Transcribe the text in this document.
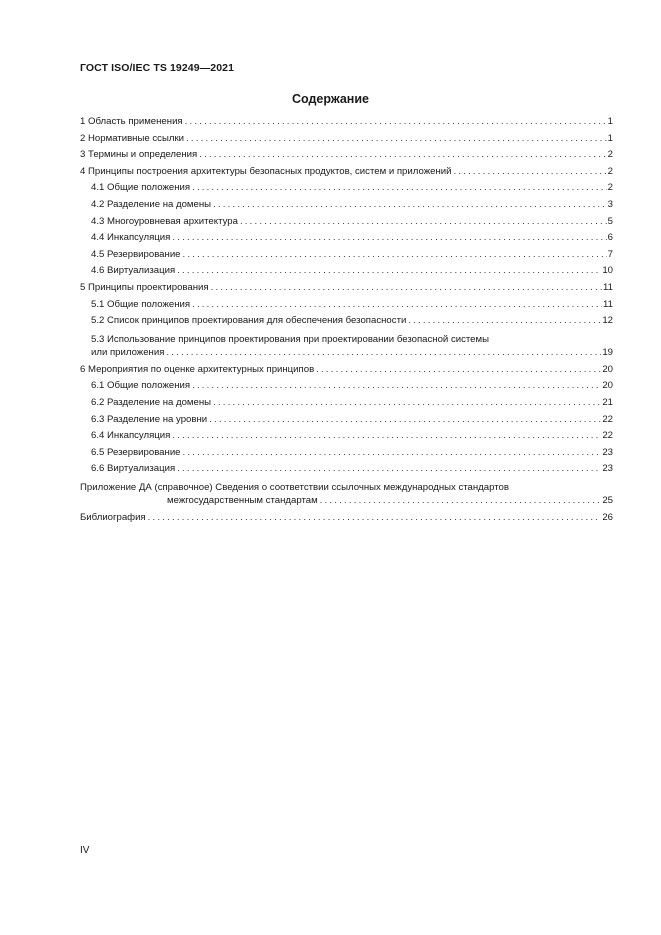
ГОСТ ISO/IEC TS 19249—2021
Содержание
1 Область применения .....	1
2 Нормативные ссылки .....	1
3 Термины и определения .....	2
4 Принципы построения архитектуры безопасных продуктов, систем и приложений .....	2
4.1 Общие положения .....	2
4.2 Разделение на домены .....	3
4.3 Многоуровневая архитектура .....	5
4.4 Инкапсуляция .....	6
4.5 Резервирование .....	7
4.6 Виртуализация .....	10
5 Принципы проектирования .....	11
5.1 Общие положения .....	11
5.2 Список принципов проектирования для обеспечения безопасности .....	12
5.3 Использование принципов проектирования при проектировании безопасной системы
или приложения .....	19
6 Мероприятия по оценке архитектурных принципов .....	20
6.1 Общие положения .....	20
6.2 Разделение на домены .....	21
6.3 Разделение на уровни .....	22
6.4 Инкапсуляция .....	22
6.5 Резервирование .....	23
6.6 Виртуализация .....	23
Приложение ДА (справочное) Сведения о соответствии ссылочных международных стандартов
межгосударственным стандартам .....	25
Библиография .....	26
IV
